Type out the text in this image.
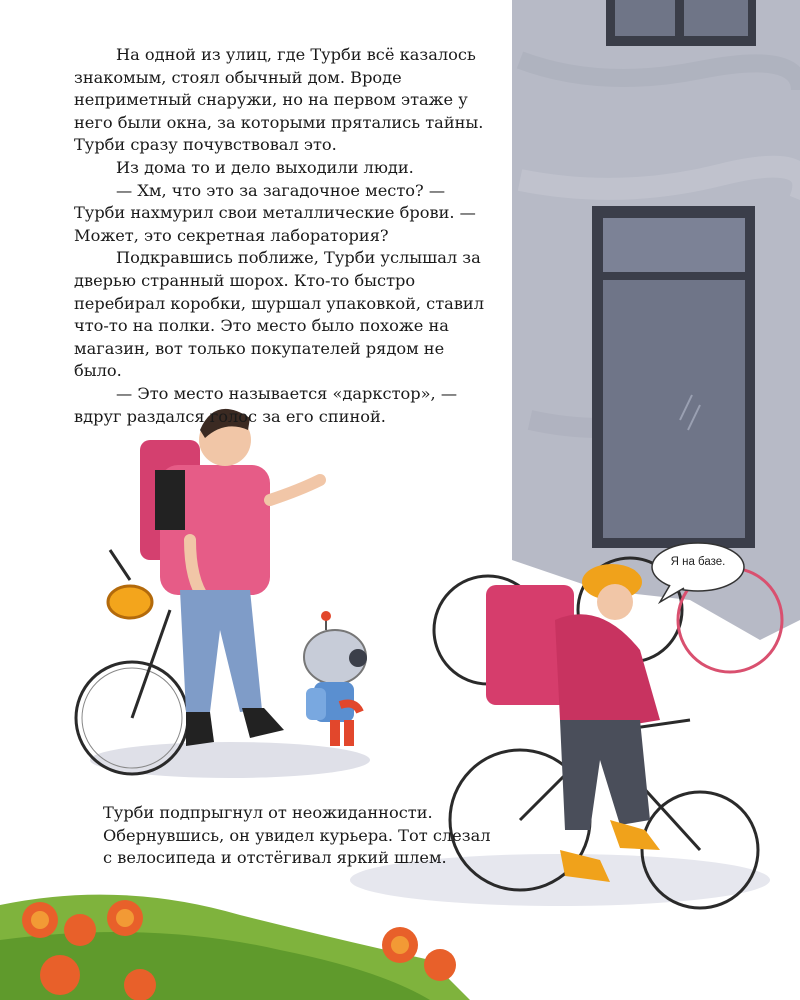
На одной из улиц, где Турби всё казалось знакомым, стоял обычный дом. Вроде неприметный снаружи, но на первом этаже у него были окна, за которыми прятались тайны. Турби сразу почувствовал это.

Из дома то и дело выходили люди.

— Хм, что это за загадочное место? — Турби нахмурил свои металлические брови. — Может, это секретная лаборатория?

Подкравшись поближе, Турби услышал за дверью странный шорох. Кто-то быстро перебирал коробки, шуршал упаковкой, ставил что-то на полки. Это место было похоже на магазин, вот только покупателей рядом не было.

— Это место называется «даркстор», — вдруг раздался голос за его спиной.

Турби подпрыгнул от неожиданности.

Обернувшись, он увидел курьера. Тот слезал с велосипеда и отстёгивал яркий шлем.

Я на базе.
